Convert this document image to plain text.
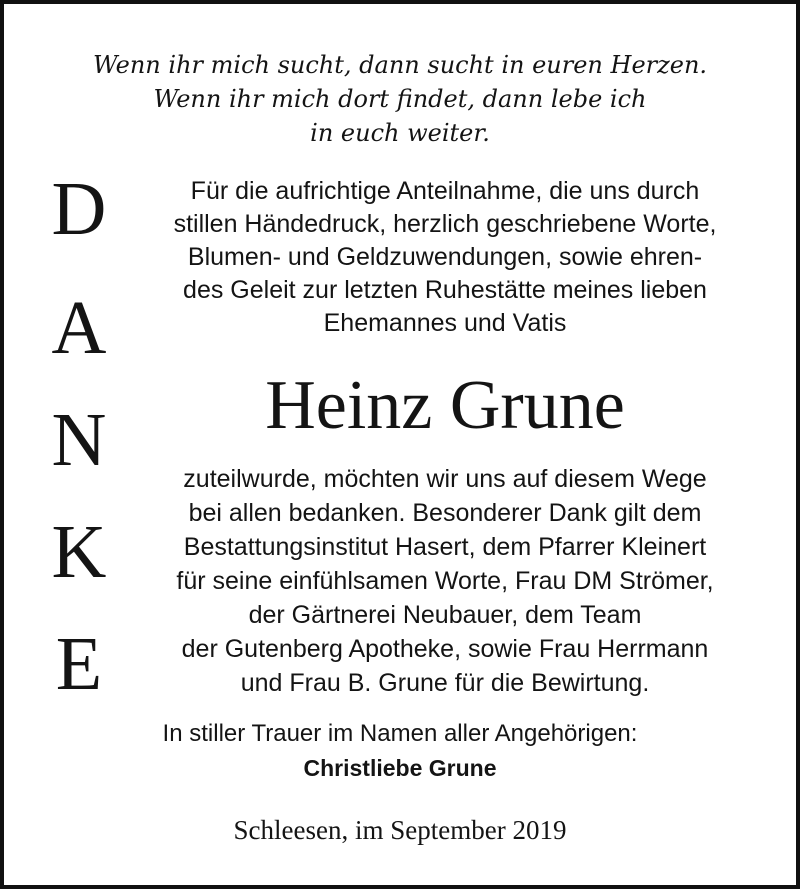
Wenn ihr mich sucht, dann sucht in euren Herzen.
Wenn ihr mich dort findet, dann lebe ich
in euch weiter.
D
A
N
K
E
Für die aufrichtige Anteilnahme, die uns durch
stillen Händedruck, herzlich geschriebene Worte,
Blumen- und Geldzuwendungen, sowie ehren-
des Geleit zur letzten Ruhestätte meines lieben
Ehemannes und Vatis
Heinz Grune
zuteilwurde, möchten wir uns auf diesem Wege
bei allen bedanken. Besonderer Dank gilt dem
Bestattungsinstitut Hasert, dem Pfarrer Kleinert
für seine einfühlsamen Worte, Frau DM Strömer,
der Gärtnerei Neubauer, dem Team
der Gutenberg Apotheke, sowie Frau Herrmann
und Frau B. Grune für die Bewirtung.
In stiller Trauer im Namen aller Angehörigen:
Christliebe Grune
Schleesen, im September 2019
